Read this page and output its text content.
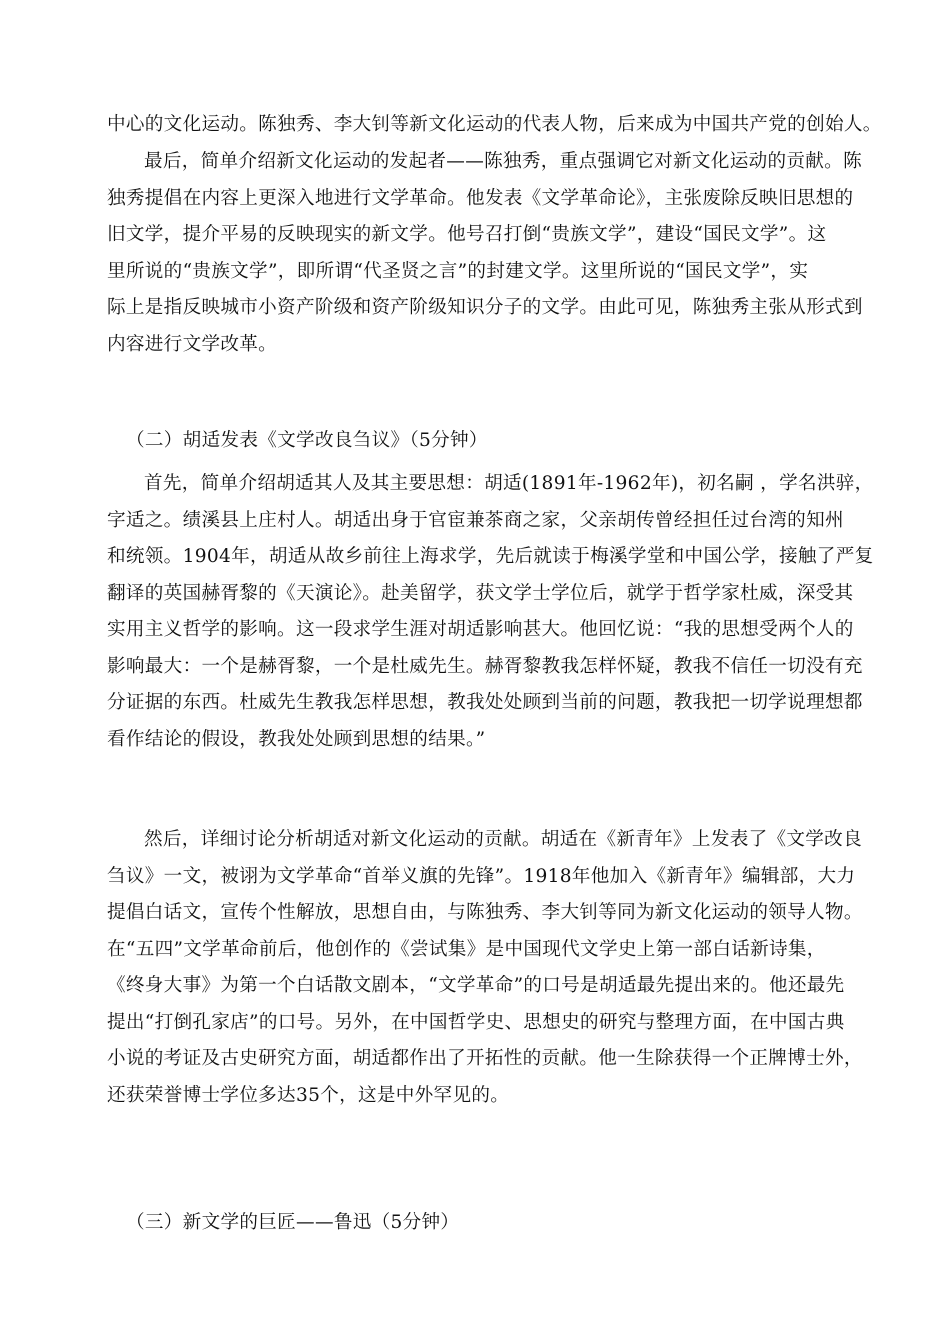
中心的文化运动。陈独秀、李大钊等新文化运动的代表人物，后来成为中国共产党的创始人。
最后，简单介绍新文化运动的发起者——陈独秀，重点强调它对新文化运动的贡献。陈
独秀提倡在内容上更深入地进行文学革命。他发表《文学革命论》，主张废除反映旧思想的
旧文学，提介平易的反映现实的新文学。他号召打倒“贵族文学”，建设“国民文学”。这
里所说的“贵族文学”，即所谓“代圣贤之言”的封建文学。这里所说的“国民文学”，实
际上是指反映城市小资产阶级和资产阶级知识分子的文学。由此可见，陈独秀主张从形式到
内容进行文学改革。
（二）胡适发表《文学改良刍议》（5分钟）
首先，简单介绍胡适其人及其主要思想：胡适(1891年-1962年)，初名嗣 ，学名洪骍，
字适之。绩溪县上庄村人。胡适出身于官宦兼茶商之家，父亲胡传曾经担任过台湾的知州
和统领。1904年，胡适从故乡前往上海求学，先后就读于梅溪学堂和中国公学，接触了严复
翻译的英国赫胥黎的《天演论》。赴美留学，获文学士学位后，就学于哲学家杜威，深受其
实用主义哲学的影响。这一段求学生涯对胡适影响甚大。他回忆说：“我的思想受两个人的
影响最大：一个是赫胥黎，一个是杜威先生。赫胥黎教我怎样怀疑，教我不信任一切没有充
分证据的东西。杜威先生教我怎样思想，教我处处顾到当前的问题，教我把一切学说理想都
看作结论的假设，教我处处顾到思想的结果。”
然后，详细讨论分析胡适对新文化运动的贡献。胡适在《新青年》上发表了《文学改良
刍议》一文，被诩为文学革命“首举义旗的先锋”。1918年他加入《新青年》编辑部，大力
提倡白话文，宣传个性解放，思想自由，与陈独秀、李大钊等同为新文化运动的领导人物。
在“五四”文学革命前后，他创作的《尝试集》是中国现代文学史上第一部白话新诗集，
《终身大事》为第一个白话散文剧本，“文学革命”的口号是胡适最先提出来的。他还最先
提出“打倒孔家店”的口号。另外，在中国哲学史、思想史的研究与整理方面，在中国古典
小说的考证及古史研究方面，胡适都作出了开拓性的贡献。他一生除获得一个正牌博士外，
还获荣誉博士学位多达35个，这是中外罕见的。
（三）新文学的巨匠——鲁迅（5分钟）
